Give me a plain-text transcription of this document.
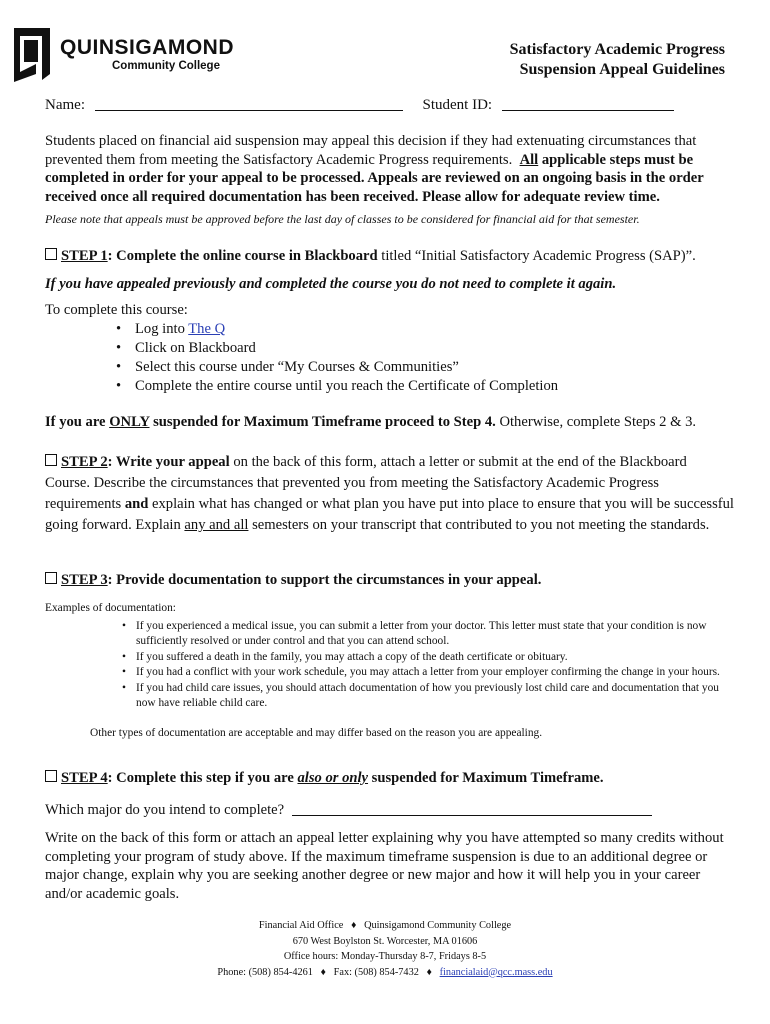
QUINSIGAMOND
Community College
Satisfactory Academic Progress
Suspension Appeal Guidelines
Name:	Student ID:
Students placed on financial aid suspension may appeal this decision if they had extenuating circumstances that prevented them from meeting the Satisfactory Academic Progress requirements. All applicable steps must be completed in order for your appeal to be processed. Appeals are reviewed on an ongoing basis in the order received once all required documentation has been received. Please allow for adequate review time.
Please note that appeals must be approved before the last day of classes to be considered for financial aid for that semester.
STEP 1: Complete the online course in Blackboard titled “Initial Satisfactory Academic Progress (SAP)”.
If you have appealed previously and completed the course you do not need to complete it again.
To complete this course:
• Log into The Q
• Click on Blackboard
• Select this course under “My Courses & Communities”
• Complete the entire course until you reach the Certificate of Completion
If you are ONLY suspended for Maximum Timeframe proceed to Step 4. Otherwise, complete Steps 2 & 3.
STEP 2: Write your appeal on the back of this form, attach a letter or submit at the end of the Blackboard Course. Describe the circumstances that prevented you from meeting the Satisfactory Academic Progress requirements and explain what has changed or what plan you have put into place to ensure that you will be successful going forward. Explain any and all semesters on your transcript that contributed to you not meeting the standards.
STEP 3: Provide documentation to support the circumstances in your appeal.
Examples of documentation:
• If you experienced a medical issue, you can submit a letter from your doctor. This letter must state that your condition is now sufficiently resolved or under control and that you can attend school.
• If you suffered a death in the family, you may attach a copy of the death certificate or obituary.
• If you had a conflict with your work schedule, you may attach a letter from your employer confirming the change in your hours.
• If you had child care issues, you should attach documentation of how you previously lost child care and documentation that you now have reliable child care.
Other types of documentation are acceptable and may differ based on the reason you are appealing.
STEP 4: Complete this step if you are also or only suspended for Maximum Timeframe.
Which major do you intend to complete?
Write on the back of this form or attach an appeal letter explaining why you have attempted so many credits without completing your program of study above. If the maximum timeframe suspension is due to an additional degree or major change, explain why you are seeking another degree or new major and how it will help you in your career and/or academic goals.
Financial Aid Office ♦ Quinsigamond Community College
670 West Boylston St. Worcester, MA 01606
Office hours: Monday-Thursday 8-7, Fridays 8-5
Phone: (508) 854-4261 ♦ Fax: (508) 854-7432 ♦ financialaid@qcc.mass.edu
